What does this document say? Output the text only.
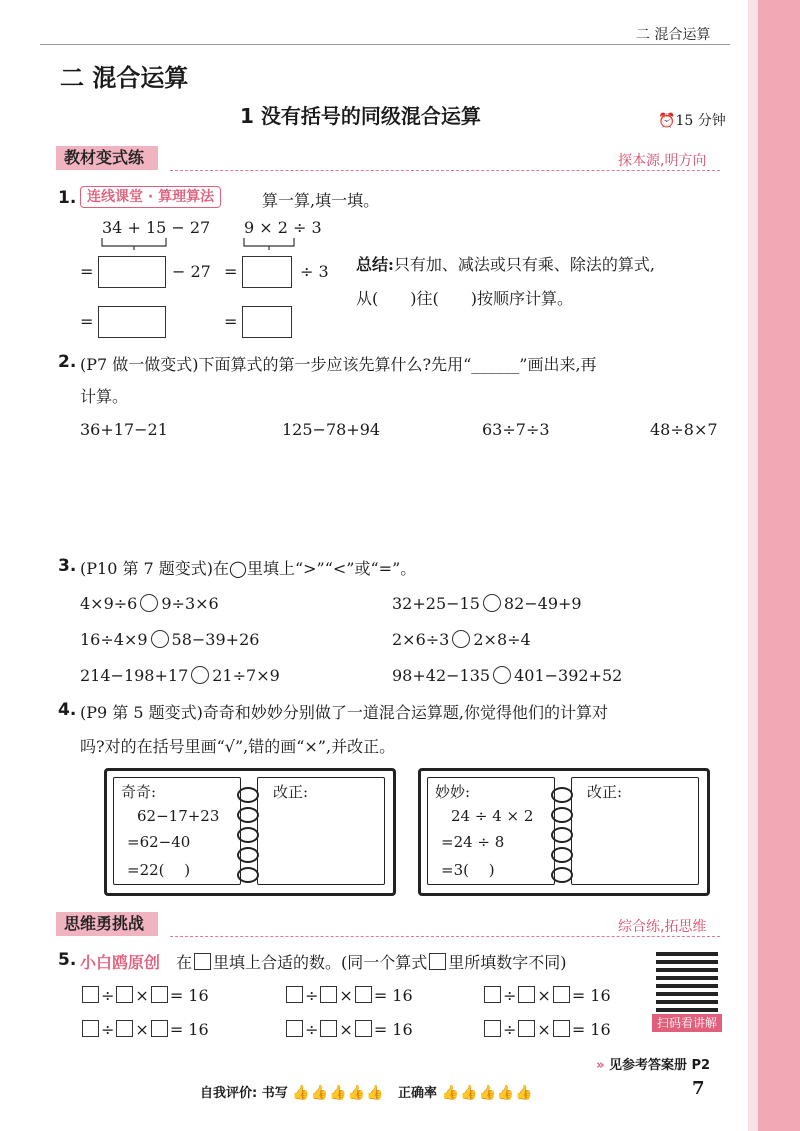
二 混合运算
二 混合运算
1 没有括号的同级混合运算	⏰15 分钟
教材变式练	探本源,明方向
1. 连线课堂 · 算理算法	算一算,填一填。
34 + 15 − 27
=	− 27
=
9 × 2 ÷ 3
=	÷ 3
=
总结:只有加、减法或只有乘、除法的算式,
从(　　)往(　　)按顺序计算。
2. (P7 做一做变式)下面算式的第一步应该先算什么?先用“______”画出来,再
计算。
36+17−21	125−78+94	63÷7÷3	48÷8×7
3. (P10 第 7 题变式)在◯里填上“>”“<”或“=”。
4×9÷6 9÷3×6	32+25−15 82−49+9
16÷4×9 58−39+26	2×6÷3 2×8÷4
214−198+17 21÷7×9	98+42−135 401−392+52
4. (P9 第 5 题变式)奇奇和妙妙分别做了一道混合运算题,你觉得他们的计算对
吗?对的在括号里画“√”,错的画“×”,并改正。
奇奇:
62−17+23
=62−40
=22(　 )
改正:	妙妙:
24 ÷ 4 × 2
=24 ÷ 8
=3(　 )
改正:
思维勇挑战	综合练,拓思维
5. 小白鸥原创 在 里填上合适的数。(同一个算式 里所填数字不同)
÷ × = 16	÷ × = 16	÷ × = 16
÷ × = 16	÷ × = 16	÷ × = 16	扫码看讲解
» 见参考答案册 P2
自我评价: 书写 👍👍👍👍👍 正确率 👍👍👍👍👍	7
